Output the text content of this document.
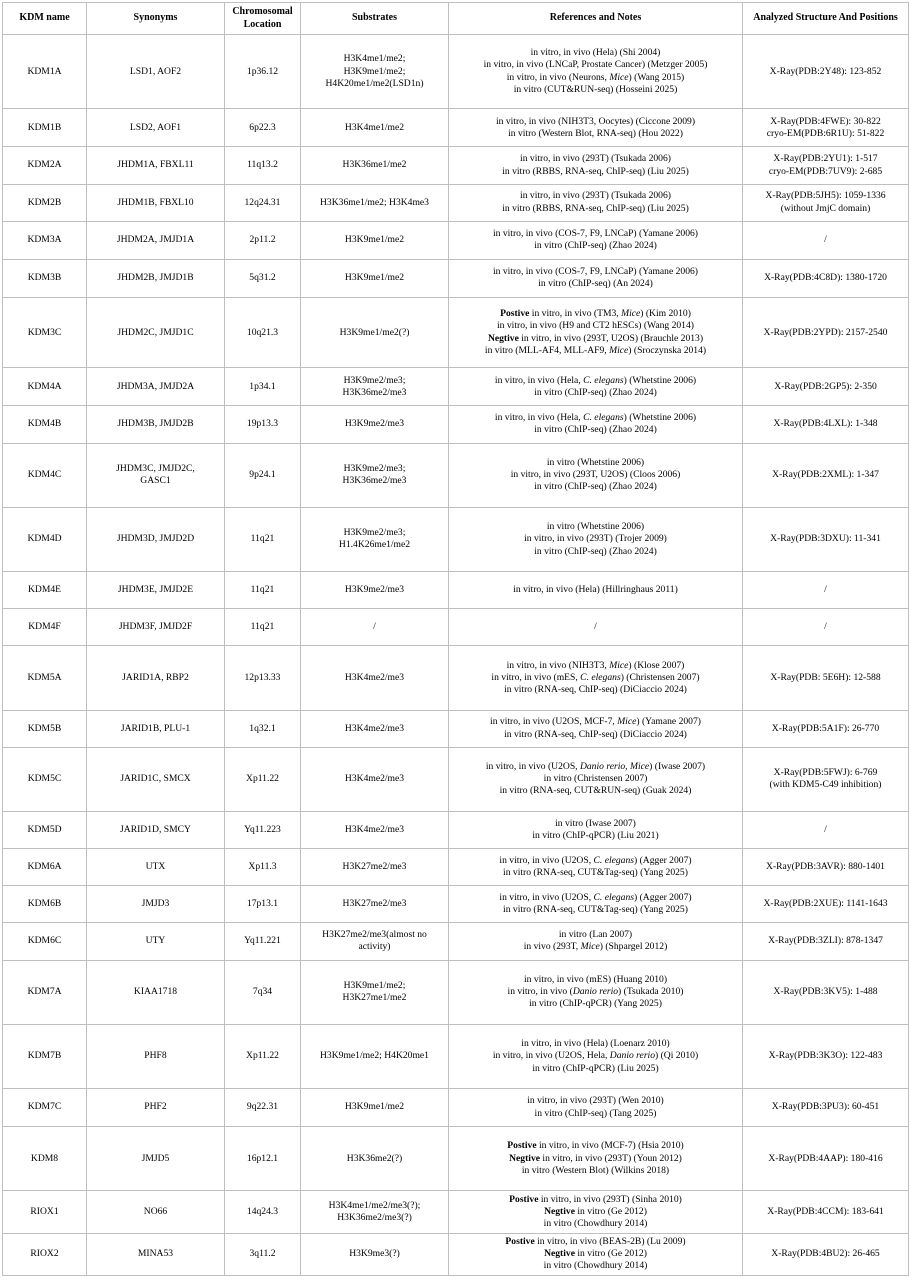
KDM name	Synonyms	Chromosomal Location	Substrates	References and Notes	Analyzed Structure And Positions
KDM1A	LSD1, AOF2	1p36.12	H3K4me1/me2;
H3K9me1/me2;
H4K20me1/me2(LSD1n)	in vitro, in vivo (Hela) (Shi 2004)
in vitro, in vivo (LNCaP, Prostate Cancer) (Metzger 2005)
in vitro, in vivo (Neurons, Mice) (Wang 2015)
in vitro (CUT&RUN-seq) (Hosseini 2025)	X-Ray(PDB:2Y48): 123-852

KDM1B	LSD2, AOF1	6p22.3	H3K4me1/me2	in vitro, in vivo (NIH3T3, Oocytes) (Ciccone 2009)
in vitro (Western Blot, RNA-seq) (Hou 2022)	X-Ray(PDB:4FWE): 30-822
cryo-EM(PDB:6R1U): 51-822

KDM2A	JHDM1A, FBXL11	11q13.2	H3K36me1/me2	in vitro, in vivo (293T) (Tsukada 2006)
in vitro (RBBS, RNA-seq, ChIP-seq) (Liu 2025)	X-Ray(PDB:2YU1): 1-517
cryo-EM(PDB:7UV9): 2-685

KDM2B	JHDM1B, FBXL10	12q24.31	H3K36me1/me2; H3K4me3	in vitro, in vivo (293T) (Tsukada 2006)
in vitro (RBBS, RNA-seq, ChIP-seq) (Liu 2025)	X-Ray(PDB:5JH5): 1059-1336
(without JmjC domain)

KDM3A	JHDM2A, JMJD1A	2p11.2	H3K9me1/me2	in vitro, in vivo (COS-7, F9, LNCaP) (Yamane 2006)
in vitro (ChIP-seq) (Zhao 2024)	/

KDM3B	JHDM2B, JMJD1B	5q31.2	H3K9me1/me2	in vitro, in vivo (COS-7, F9, LNCaP) (Yamane 2006)
in vitro (ChIP-seq) (An 2024)	X-Ray(PDB:4C8D): 1380-1720

KDM3C	JHDM2C, JMJD1C	10q21.3	H3K9me1/me2(?)	Postive in vitro, in vivo (TM3, Mice) (Kim 2010)
in vitro, in vivo (H9 and CT2 hESCs) (Wang 2014)
Negtive in vitro, in vivo (293T, U2OS) (Brauchle 2013)
in vitro (MLL-AF4, MLL-AF9, Mice) (Sroczynska 2014)	X-Ray(PDB:2YPD): 2157-2540

KDM4A	JHDM3A, JMJD2A	1p34.1	H3K9me2/me3;
H3K36me2/me3	in vitro, in vivo (Hela, C. elegans) (Whetstine 2006)
in vitro (ChIP-seq) (Zhao 2024)	X-Ray(PDB:2GP5): 2-350

KDM4B	JHDM3B, JMJD2B	19p13.3	H3K9me2/me3	in vitro, in vivo (Hela, C. elegans) (Whetstine 2006)
in vitro (ChIP-seq) (Zhao 2024)	X-Ray(PDB:4LXL): 1-348

KDM4C	JHDM3C, JMJD2C,
GASC1	9p24.1	H3K9me2/me3;
H3K36me2/me3	in vitro (Whetstine 2006)
in vitro, in vivo (293T, U2OS) (Cloos 2006)
in vitro (ChIP-seq) (Zhao 2024)	X-Ray(PDB:2XML): 1-347

KDM4D	JHDM3D, JMJD2D	11q21	H3K9me2/me3;
H1.4K26me1/me2	in vitro (Whetstine 2006)
in vitro, in vivo (293T) (Trojer 2009)
in vitro (ChIP-seq) (Zhao 2024)	X-Ray(PDB:3DXU): 11-341

KDM4E	JHDM3E, JMJD2E	11q21	H3K9me2/me3	in vitro, in vivo (Hela) (Hillringhaus 2011)	/

KDM4F	JHDM3F, JMJD2F	11q21	/	/	/

KDM5A	JARID1A, RBP2	12p13.33	H3K4me2/me3	in vitro, in vivo (NIH3T3, Mice) (Klose 2007)
in vitro, in vivo (mES, C. elegans) (Christensen 2007)
in vitro (RNA-seq, ChIP-seq) (DiCiaccio 2024)	X-Ray(PDB: 5E6H): 12-588

KDM5B	JARID1B, PLU-1	1q32.1	H3K4me2/me3	in vitro, in vivo (U2OS, MCF-7, Mice) (Yamane 2007)
in vitro (RNA-seq, ChIP-seq) (DiCiaccio 2024)	X-Ray(PDB:5A1F): 26-770

KDM5C	JARID1C, SMCX	Xp11.22	H3K4me2/me3	in vitro, in vivo (U2OS, Danio rerio, Mice) (Iwase 2007)
in vitro (Christensen 2007)
in vitro (RNA-seq, CUT&RUN-seq) (Guak 2024)	X-Ray(PDB:5FWJ): 6-769
(with KDM5-C49 inhibition)

KDM5D	JARID1D, SMCY	Yq11.223	H3K4me2/me3	in vitro (Iwase 2007)
in vitro (ChIP-qPCR) (Liu 2021)	/

KDM6A	UTX	Xp11.3	H3K27me2/me3	in vitro, in vivo (U2OS, C. elegans) (Agger 2007)
in vitro (RNA-seq, CUT&Tag-seq) (Yang 2025)	X-Ray(PDB:3AVR): 880-1401

KDM6B	JMJD3	17p13.1	H3K27me2/me3	in vitro, in vivo (U2OS, C. elegans) (Agger 2007)
in vitro (RNA-seq, CUT&Tag-seq) (Yang 2025)	X-Ray(PDB:2XUE): 1141-1643

KDM6C	UTY	Yq11.221	H3K27me2/me3(almost no
activity)	in vitro (Lan 2007)
in vivo (293T, Mice) (Shpargel 2012)	X-Ray(PDB:3ZLI): 878-1347

KDM7A	KIAA1718	7q34	H3K9me1/me2;
H3K27me1/me2	in vitro, in vivo (mES) (Huang 2010)
in vitro, in vivo (Danio rerio) (Tsukada 2010)
in vitro (ChIP-qPCR) (Yang 2025)	X-Ray(PDB:3KV5): 1-488

KDM7B	PHF8	Xp11.22	H3K9me1/me2; H4K20me1	in vitro, in vivo (Hela) (Loenarz 2010)
in vitro, in vivo (U2OS, Hela, Danio rerio) (Qi 2010)
in vitro (ChIP-qPCR) (Liu 2025)	X-Ray(PDB:3K3O): 122-483

KDM7C	PHF2	9q22.31	H3K9me1/me2	in vitro, in vivo (293T) (Wen 2010)
in vitro (ChIP-seq) (Tang 2025)	X-Ray(PDB:3PU3): 60-451

KDM8	JMJD5	16p12.1	H3K36me2(?)	Postive in vitro, in vivo (MCF-7) (Hsia 2010)
Negtive in vitro, in vivo (293T) (Youn 2012)
in vitro (Western Blot) (Wilkins 2018)	X-Ray(PDB:4AAP): 180-416

RIOX1	NO66	14q24.3	H3K4me1/me2/me3(?);
H3K36me2/me3(?)	Postive in vitro, in vivo (293T) (Sinha 2010)
Negtive in vitro (Ge 2012)
in vitro (Chowdhury 2014)	X-Ray(PDB:4CCM): 183-641

RIOX2	MINA53	3q11.2	H3K9me3(?)	Postive in vitro, in vivo (BEAS-2B) (Lu 2009)
Negtive in vitro (Ge 2012)
in vitro (Chowdhury 2014)	X-Ray(PDB:4BU2): 26-465
